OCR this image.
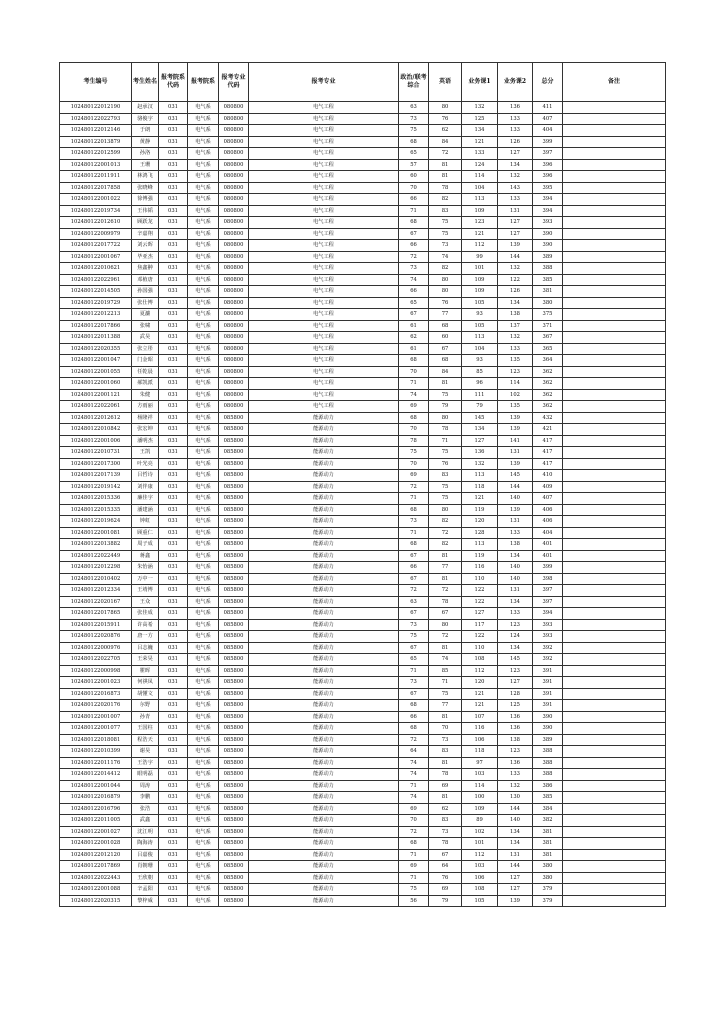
考生编号	考生姓名	报考院系代码	报考院系	报考专业代码	报考专业	政治/联考综合	英语	业务课1	业务课2	总分	备注
102480122012190	赵承汉	031	电气系	080800	电气工程	63	80	132	136	411	
102480122022793	骆俊宇	031	电气系	080800	电气工程	73	76	125	133	407	
102480122012146	于朗	031	电气系	080800	电气工程	75	62	134	133	404	
102480122013879	黄静	031	电气系	080800	电气工程	68	84	121	126	399	
102480122012599	孙洛	031	电气系	080800	电气工程	65	72	133	127	397	
102480122001013	王珊	031	电气系	080800	电气工程	57	81	124	134	396	
102480122011911	林鸿飞	031	电气系	080800	电气工程	60	81	114	132	396	
102480122017858	张晓峰	031	电气系	080800	电气工程	70	78	104	143	395	
102480122001022	徐博强	031	电气系	080800	电气工程	66	82	113	133	394	
102480122019734	王伟韬	031	电气系	080800	电气工程	71	83	109	131	394	
102480122012610	顾跃龙	031	电气系	080800	电气工程	68	75	123	127	393	
102480122009979	辛嘉翔	031	电气系	080800	电气工程	67	75	121	127	390	
102480122017722	刘云晖	031	电气系	080800	电气工程	66	73	112	139	390	
102480122001067	毕亚杰	031	电气系	080800	电气工程	72	74	99	144	389	
102480122010621	焦鑫翀	031	电气系	080800	电气工程	73	82	101	132	388	
102480122022961	邓植唐	031	电气系	080800	电气工程	74	80	109	122	385	
102480122014505	孙国强	031	电气系	080800	电气工程	66	80	109	126	381	
102480122019729	张仕博	031	电气系	080800	电气工程	65	76	105	134	380	
102480122012213	夏濂	031	电气系	080800	电气工程	67	77	93	138	375	
102480122017866	张啸	031	电气系	080800	电气工程	61	68	105	137	371	
102480122011388	武昊	031	电气系	080800	电气工程	62	60	113	132	367	
102480122020355	张立彤	031	电气系	080800	电气工程	61	67	104	133	365	
102480122001047	门金昭	031	电气系	080800	电气工程	68	68	93	135	364	
102480122001055	任乾晨	031	电气系	080800	电气工程	70	84	85	123	362	
102480122001060	郝凯派	031	电气系	080800	电气工程	71	81	96	114	362	
102480122001121	朱健	031	电气系	080800	电气工程	74	75	111	102	362	
102480122022061	方雨丽	031	电气系	080800	电气工程	69	79	79	135	362	
102480122012612	杨隆祥	031	电气系	085800	能源动力	68	80	145	139	432	
102480122010842	张宏坤	031	电气系	085800	能源动力	70	78	134	139	421	
102480122001006	潘明杰	031	电气系	085800	能源动力	78	71	127	141	417	
102480122010731	王凯	031	电气系	085800	能源动力	75	75	136	131	417	
102480122017300	叶光亮	031	电气系	085800	能源动力	70	76	132	139	417	
102480122017139	吕哲诗	031	电气系	085800	能源动力	69	83	113	145	410	
102480122019142	刘伴康	031	电气系	085800	能源动力	72	75	118	144	409	
102480122015336	廉佳宇	031	电气系	085800	能源动力	71	75	121	140	407	
102480122015335	潘建涵	031	电气系	085800	能源动力	68	80	119	139	406	
102480122019624	钟虹	031	电气系	085800	能源动力	73	82	120	131	406	
102480122001081	顾重仁	031	电气系	085800	能源动力	71	72	128	133	404	
102480122013882	周子成	031	电气系	085800	能源动力	68	82	113	138	401	
102480122022449	蒋鑫	031	电气系	085800	能源动力	67	81	119	134	401	
102480122012298	朱怡涵	031	电气系	085800	能源动力	66	77	116	140	399	
102480122010402	万中一	031	电气系	085800	能源动力	67	81	110	140	398	
102480122012334	王靖博	031	电气系	085800	能源动力	72	72	122	131	397	
102480122020167	王众	031	电气系	085800	能源动力	63	78	122	134	397	
102480122017865	张佳成	031	电气系	085800	能源动力	67	67	127	133	394	
102480122015911	许高希	031	电气系	085800	能源动力	73	80	117	123	393	
102480122020876	唐一方	031	电气系	085800	能源动力	75	72	122	124	393	
102480122000976	吕志巍	031	电气系	085800	能源动力	67	81	110	134	392	
102480122022705	王荣昊	031	电气系	085800	能源动力	65	74	108	145	392	
102480122000998	瞿晖	031	电气系	085800	能源动力	71	85	112	123	391	
102480122001023	何祺凤	031	电气系	085800	能源动力	73	71	120	127	391	
102480122016873	胡懂文	031	电气系	085800	能源动力	67	75	121	128	391	
102480122020176	尔野	031	电气系	085800	能源动力	68	77	121	125	391	
102480122001007	孙青	031	电气系	085800	能源动力	66	81	107	136	390	
102480122001077	王国柱	031	电气系	085800	能源动力	68	70	116	136	390	
102480122018081	程浩天	031	电气系	085800	能源动力	72	73	106	138	389	
102480122010399	谢昊	031	电气系	085800	能源动力	64	83	118	123	388	
102480122011176	王浩宇	031	电气系	085800	能源动力	74	81	97	136	388	
102480122014412	眼明磊	031	电气系	085800	能源动力	74	78	103	133	388	
102480122001044	周涛	031	电气系	085800	能源动力	71	69	114	132	386	
102480122016879	李鹏	031	电气系	085800	能源动力	74	81	100	130	385	
102480122016796	张浩	031	电气系	085800	能源动力	69	62	109	144	384	
102480122011005	武鑫	031	电气系	085800	能源动力	70	83	89	140	382	
102480122001027	沈江明	031	电气系	085800	能源动力	72	73	102	134	381	
102480122001028	陶海涛	031	电气系	085800	能源动力	68	78	101	134	381	
102480122012120	吕嘉俊	031	电气系	085800	能源动力	71	67	112	131	381	
102480122017869	肖朝珊	031	电气系	085800	能源动力	69	64	103	144	380	
102480122022443	王欣朝	031	电气系	085800	能源动力	71	76	106	127	380	
102480122001088	辛孟阳	031	电气系	085800	能源动力	75	69	108	127	379	
102480122020315	黎梓威	031	电气系	085800	能源动力	56	79	105	139	379	
